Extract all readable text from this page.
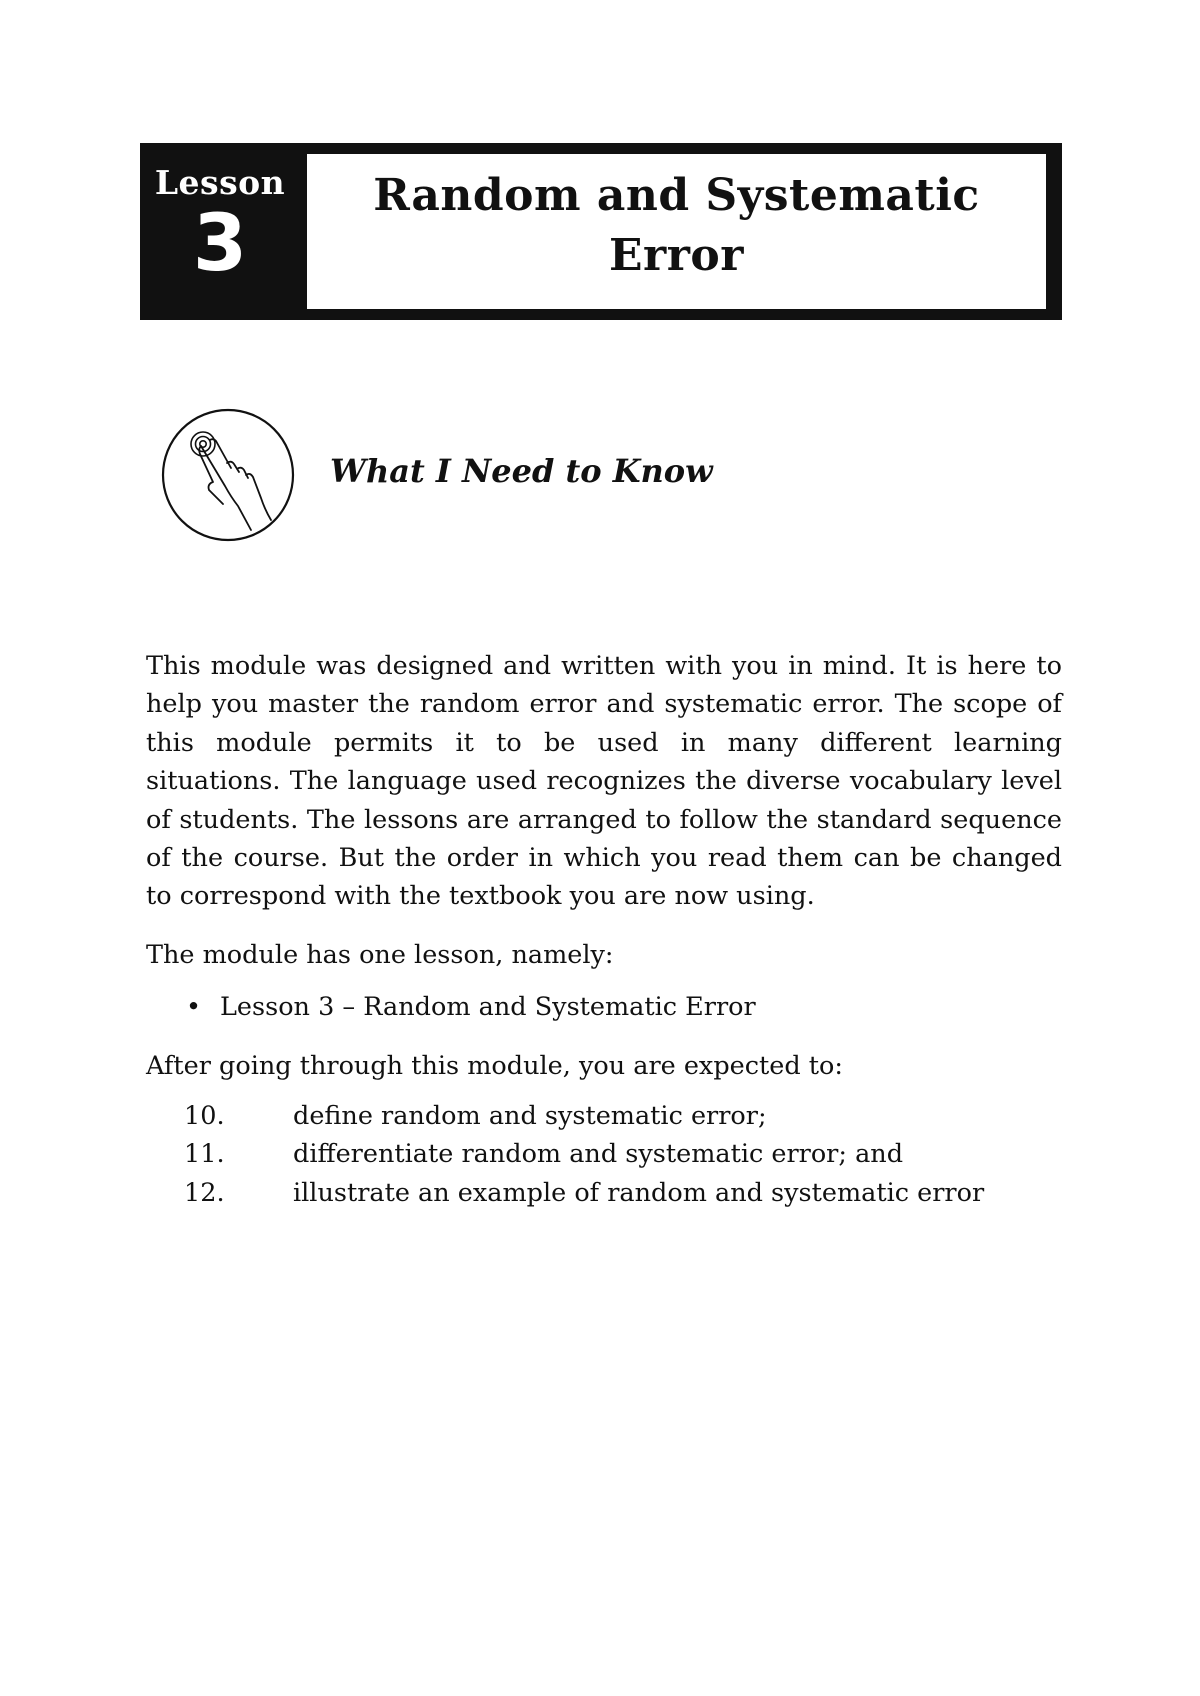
Lesson
3
Random and Systematic
Error
What I Need to Know

This module was designed and written with you in mind. It is here to help you master the random error and systematic error. The scope of this module permits it to be used in many different learning situations. The language used recognizes the diverse vocabulary level of students. The lessons are arranged to follow the standard sequence of the course. But the order in which you read them can be changed to correspond with the textbook you are now using.

The module has one lesson, namely:

• Lesson 3 – Random and Systematic Error

After going through this module, you are expected to:

10.	define random and systematic error;
11.	differentiate random and systematic error; and
12.	illustrate an example of random and systematic error
